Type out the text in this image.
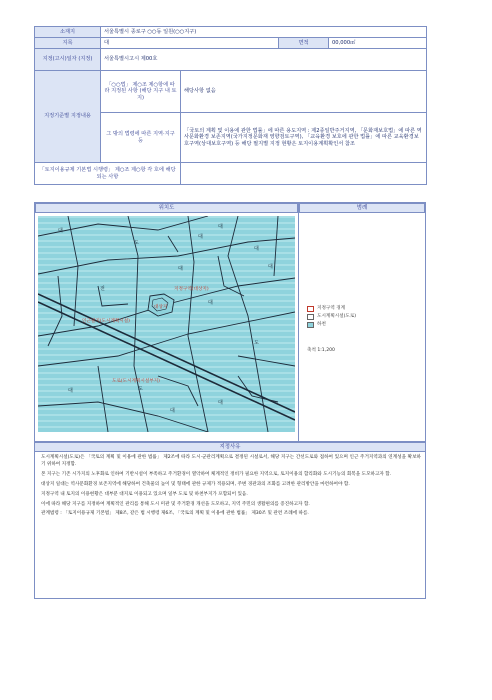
소재지	서울특별시 종로구 ○○동 일원(○○지구)			
지목	대		면적	00,000㎡
지정(고시)일자 (지정)	서울특별시고시 제00호			
지정기준별 지정내용	「○○법」 제○조 제○항에 따라 지정된 사항 (해당 지구 내 토지)	해당사항 없음		
	그 밖의 법령에 따른 지역·지구 등	「국토의 계획 및 이용에 관한 법률」에 따른 용도지역 : 제2종일반주거지역, 「문화재보호법」에 따른 역사문화환경 보존지역(국가지정문화재 영향검토구역), 「교육환경 보호에 관한 법률」에 따른 교육환경보호구역(상대보호구역) 등 해당 필지별 지정 현황은 토지이용계획확인서 참조		
「토지이용규제 기본법 시행령」 제○조 제○항 각 호에 해당되는 사항				
위치도
대
대
대
대
도
대
전
대
도
대
대
도
대
대
지정구역(대상지)
대상지
인근필지(도시계획시설)
도로(도시계획시설부지)
범례
지정구역 경계
도시계획시설(도로)
하천
축척 1:1,200
지정사유

도시계획시설(도로)은 「국토의 계획 및 이용에 관한 법률」 제2조에 따라 도시·군관리계획으로 결정된 시설로서, 해당 지구는 간선도로와 접하여 있으며 인근 주거지역과의 연계성을 확보하기 위하여 지정함.

본 지구는 기존 시가지의 노후화로 인하여 기반시설이 부족하고 주거환경이 열악하여 체계적인 정비가 필요한 지역으로, 토지이용의 합리화와 도시기능의 회복을 도모하고자 함.

대상지 일대는 역사문화환경 보존지역에 해당하여 건축물의 높이 및 형태에 관한 규제가 적용되며, 주변 경관과의 조화를 고려한 관리방안을 마련하여야 함.

지정구역 내 토지의 이용현황은 대부분 대지로 이용되고 있으며 일부 도로 및 하천부지가 포함되어 있음.

이에 따라 해당 지구를 지정하여 계획적인 관리를 통해 도시 미관 및 주거환경 개선을 도모하고, 지역 주민의 생활편의를 증진하고자 함.

관계법령 : 「토지이용규제 기본법」 제8조, 같은 법 시행령 제6조, 「국토의 계획 및 이용에 관한 법률」 제30조 및 관련 조례에 따름.
